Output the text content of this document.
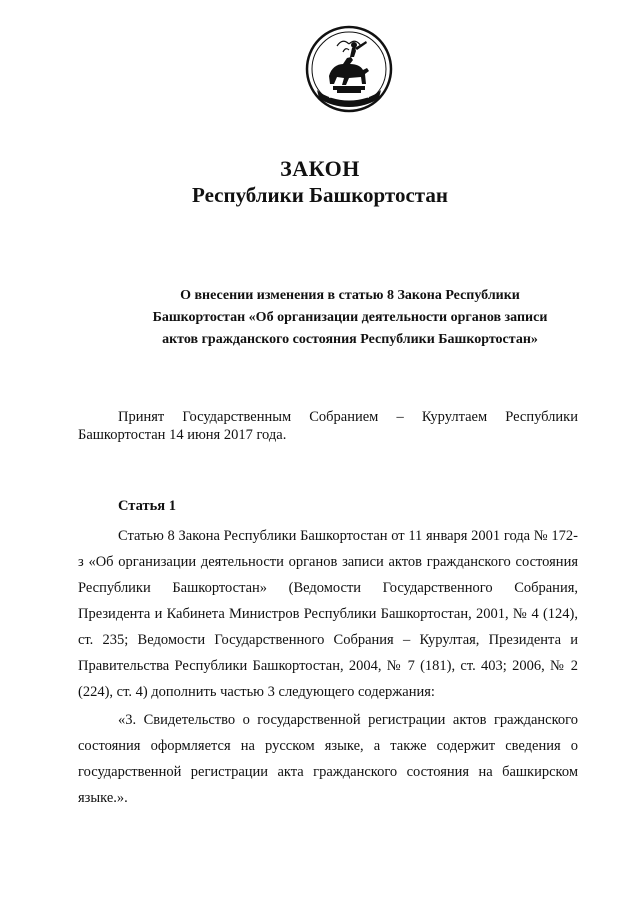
ЗАКОН
Республики Башкортостан
О внесении изменения в статью 8 Закона Республики
Башкортостан «Об организации деятельности органов записи
актов гражданского состояния Республики Башкортостан»

Принят Государственным Собранием – Курултаем Республики Башкортостан 14 июня 2017 года.

Статья 1

Статью 8 Закона Республики Башкортостан от 11 января 2001 года № 172-з «Об организации деятельности органов записи актов гражданского состояния Республики Башкортостан» (Ведомости Государственного Собрания, Президента и Кабинета Министров Республики Башкортостан, 2001, № 4 (124), ст. 235; Ведомости Государственного Собрания – Курултая, Президента и Правительства Республики Башкортостан, 2004, № 7 (181), ст. 403; 2006, № 2 (224), ст. 4) дополнить частью 3 следующего содержания:

«3. Свидетельство о государственной регистрации актов гражданского состояния оформляется на русском языке, а также содержит сведения о государственной регистрации акта гражданского состояния на башкирском языке.».
